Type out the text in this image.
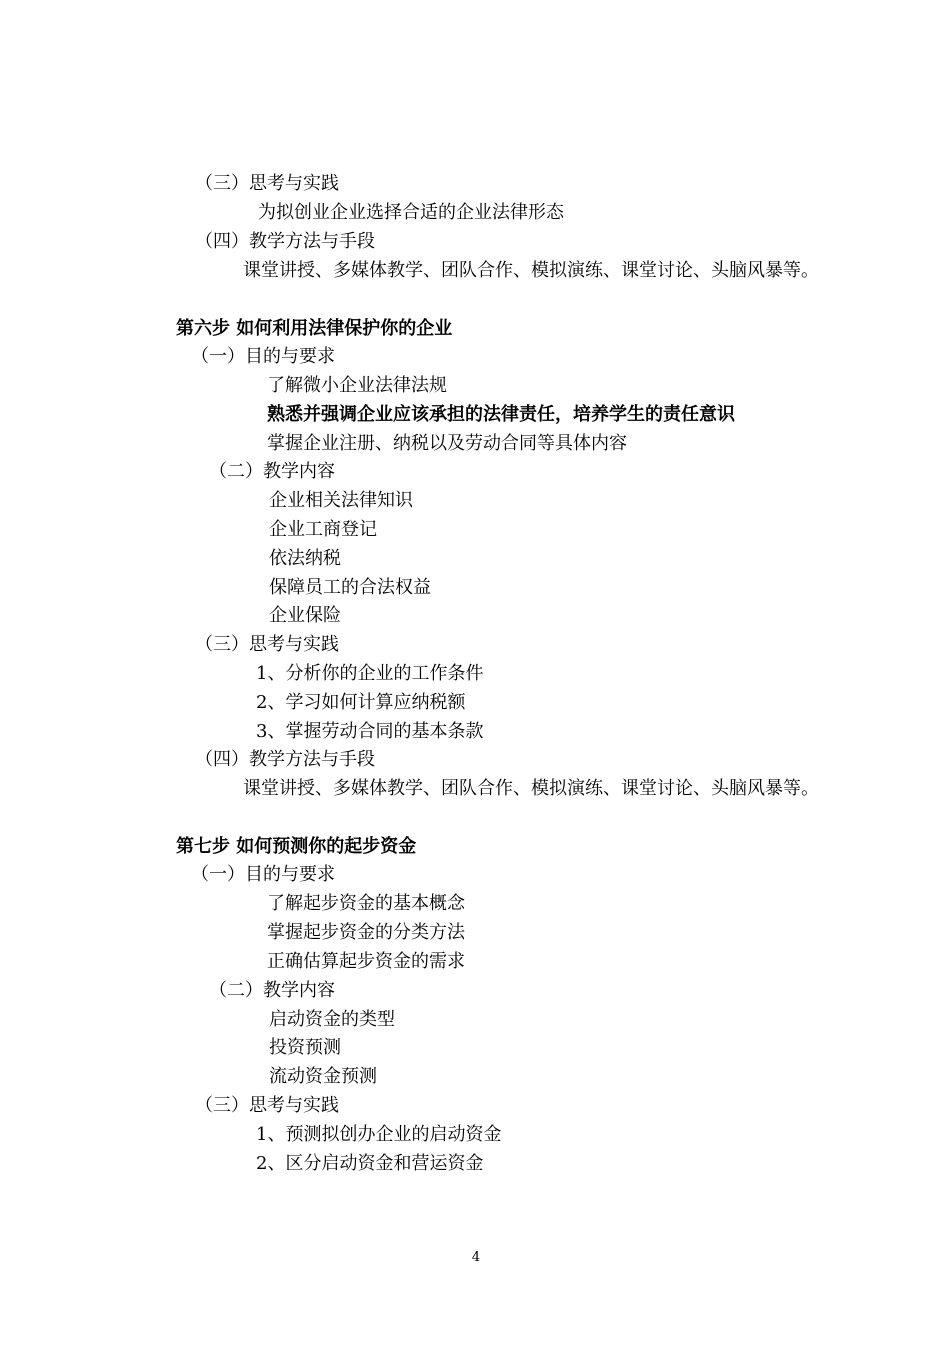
（三）思考与实践
为拟创业企业选择合适的企业法律形态
（四）教学方法与手段
课堂讲授、多媒体教学、团队合作、模拟演练、课堂讨论、头脑风暴等。
第六步 如何利用法律保护你的企业
（一）目的与要求
了解微小企业法律法规
熟悉并强调企业应该承担的法律责任，培养学生的责任意识
掌握企业注册、纳税以及劳动合同等具体内容
（二）教学内容
企业相关法律知识
企业工商登记
依法纳税
保障员工的合法权益
企业保险
（三）思考与实践
1、分析你的企业的工作条件
2、学习如何计算应纳税额
3、掌握劳动合同的基本条款
（四）教学方法与手段
课堂讲授、多媒体教学、团队合作、模拟演练、课堂讨论、头脑风暴等。
第七步 如何预测你的起步资金
（一）目的与要求
了解起步资金的基本概念
掌握起步资金的分类方法
正确估算起步资金的需求
（二）教学内容
启动资金的类型
投资预测
流动资金预测
（三）思考与实践
1、预测拟创办企业的启动资金
2、区分启动资金和营运资金
4
